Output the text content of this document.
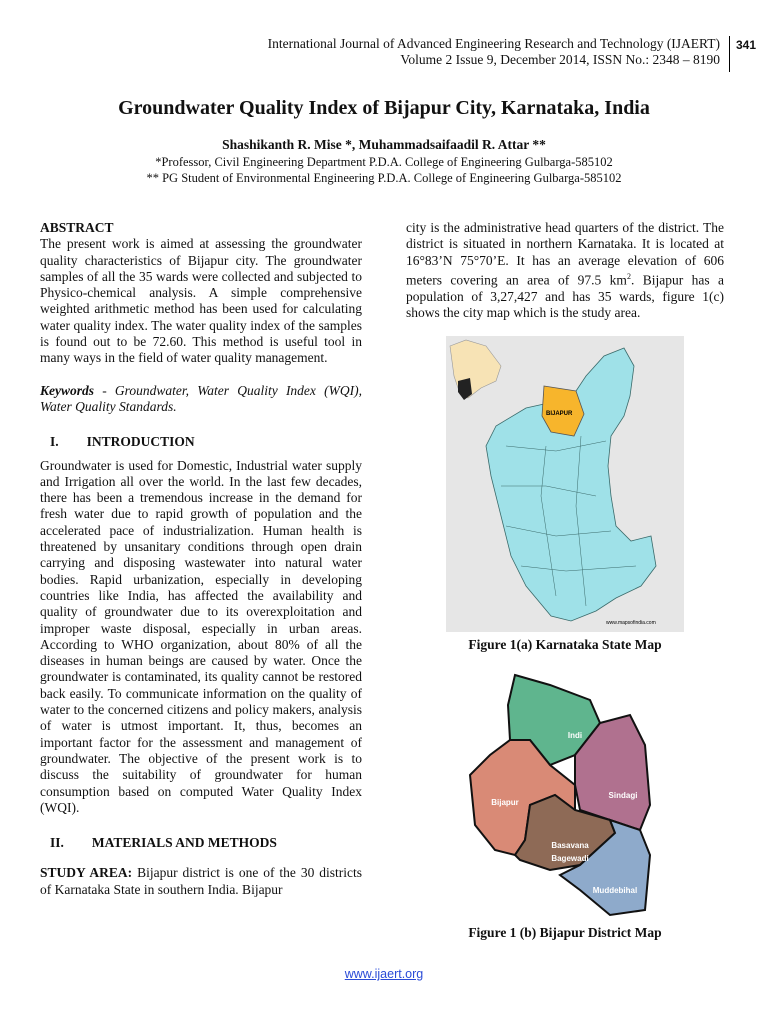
International Journal of Advanced Engineering Research and Technology (IJAERT)
Volume 2 Issue 9, December 2014, ISSN No.: 2348 – 8190
341
Groundwater Quality Index of Bijapur City, Karnataka, India
Shashikanth R. Mise *, Muhammadsaifaadil R. Attar **
*Professor, Civil Engineering Department P.D.A. College of Engineering Gulbarga-585102
** PG Student of Environmental Engineering P.D.A. College of Engineering Gulbarga-585102
ABSTRACT

The present work is aimed at assessing the groundwater quality characteristics of Bijapur city. The groundwater samples of all the 35 wards were collected and subjected to Physico-chemical analysis. A simple comprehensive weighted arithmetic method has been used for calculating water quality index. The water quality index of the samples is found out to be 72.60. This method is useful tool in many ways in the field of water quality management.

Keywords - Groundwater, Water Quality Index (WQI), Water Quality Standards.

I. INTRODUCTION

Groundwater is used for Domestic, Industrial water supply and Irrigation all over the world. In the last few decades, there has been a tremendous increase in the demand for fresh water due to rapid growth of population and the accelerated pace of industrialization. Human health is threatened by unsanitary conditions through open drain carrying and disposing wastewater into natural water bodies. Rapid urbanization, especially in developing countries like India, has affected the availability and quality of groundwater due to its overexploitation and improper waste disposal, especially in urban areas. According to WHO organization, about 80% of all the diseases in human beings are caused by water. Once the groundwater is contaminated, its quality cannot be restored back easily. To communicate information on the quality of water to the concerned citizens and policy makers, analysis of water is utmost important. It, thus, becomes an important factor for the assessment and management of groundwater. The objective of the present work is to discuss the suitability of groundwater for human consumption based on computed Water Quality Index (WQI).

II. MATERIALS AND METHODS

STUDY AREA: Bijapur district is one of the 30 districts of Karnataka State in southern India. Bijapur

city is the administrative head quarters of the district. The district is situated in northern Karnataka. It is located at 16°83’N 75°70’E. It has an average elevation of 606 meters covering an area of 97.5 $km^2$. Bijapur has a population of 3,27,427 and has 35 wards, figure 1(c) shows the city map which is the study area.

BIJAPUR
www.mapsofindia.com
Figure 1(a) Karnataka State Map
Indi
Sindagi
Bijapur
Basavana
Bagewadi
Muddebihal
Figure 1 (b) Bijapur District Map
www.ijaert.org
